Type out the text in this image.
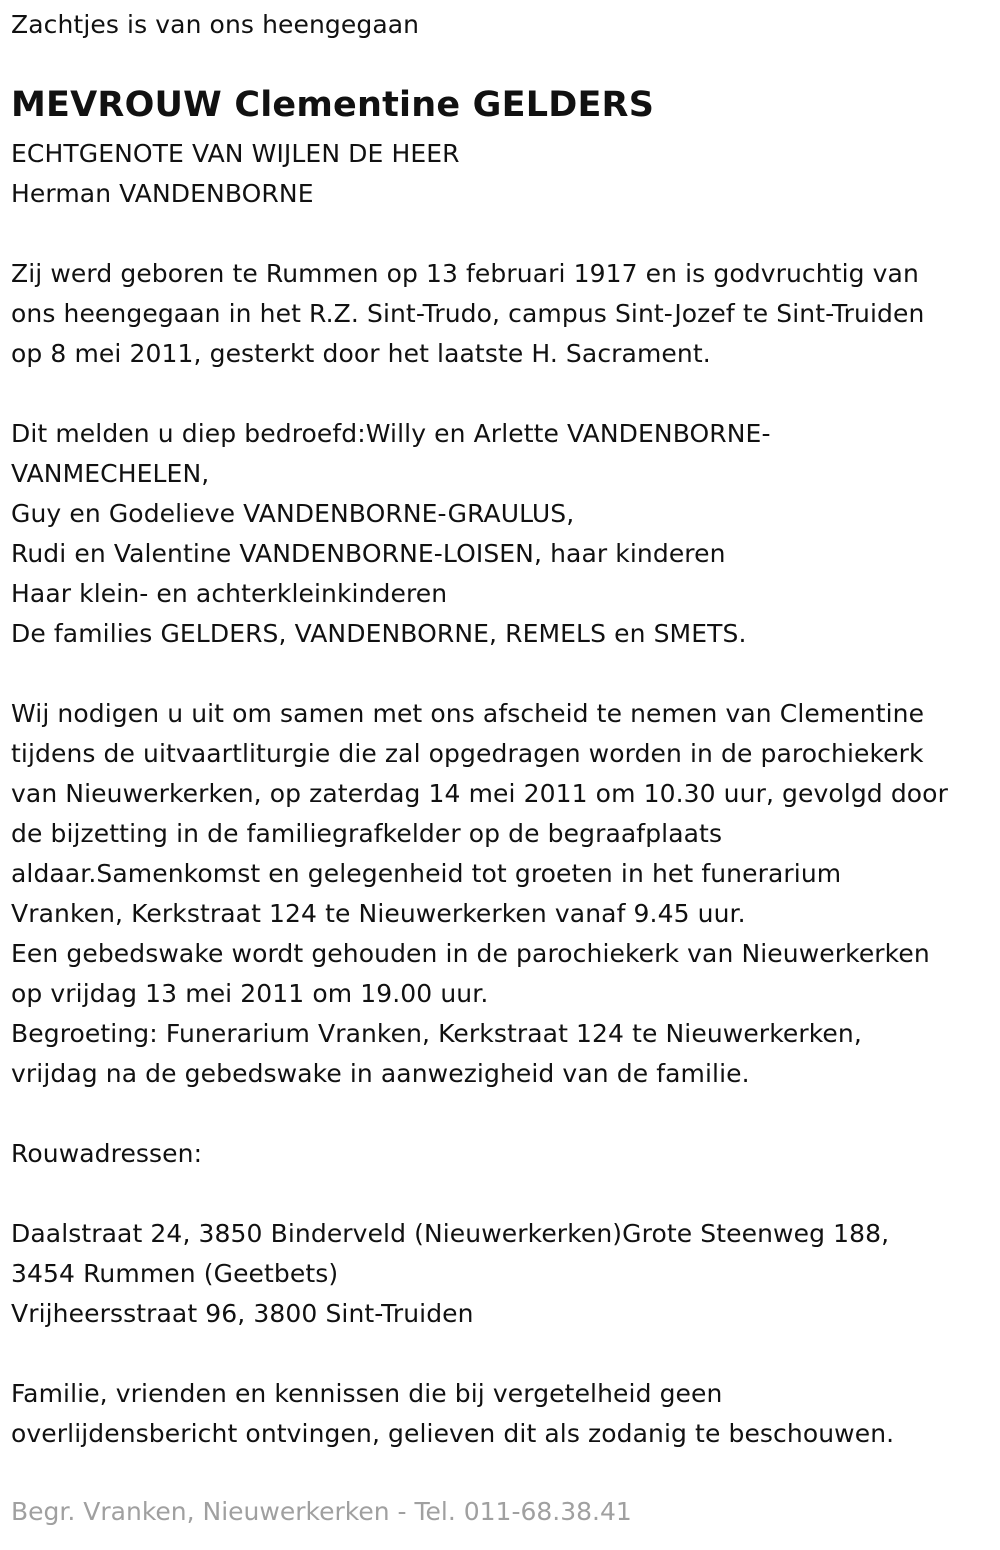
Zachtjes is van ons heengegaan
MEVROUW Clementine GELDERS
ECHTGENOTE VAN WIJLEN DE HEER
Herman VANDENBORNE
Zij werd geboren te Rummen op 13 februari 1917 en is godvruchtig van
ons heengegaan in het R.Z. Sint-Trudo, campus Sint-Jozef te Sint-Truiden
op 8 mei 2011, gesterkt door het laatste H. Sacrament.
Dit melden u diep bedroefd:Willy en Arlette VANDENBORNE-
VANMECHELEN,
Guy en Godelieve VANDENBORNE-GRAULUS,
Rudi en Valentine VANDENBORNE-LOISEN, haar kinderen
Haar klein- en achterkleinkinderen
De families GELDERS, VANDENBORNE, REMELS en SMETS.
Wij nodigen u uit om samen met ons afscheid te nemen van Clementine
tijdens de uitvaartliturgie die zal opgedragen worden in de parochiekerk
van Nieuwerkerken, op zaterdag 14 mei 2011 om 10.30 uur, gevolgd door
de bijzetting in de familiegrafkelder op de begraafplaats
aldaar.Samenkomst en gelegenheid tot groeten in het funerarium
Vranken, Kerkstraat 124 te Nieuwerkerken vanaf 9.45 uur.
Een gebedswake wordt gehouden in de parochiekerk van Nieuwerkerken
op vrijdag 13 mei 2011 om 19.00 uur.
Begroeting: Funerarium Vranken, Kerkstraat 124 te Nieuwerkerken,
vrijdag na de gebedswake in aanwezigheid van de familie.
Rouwadressen:
Daalstraat 24, 3850 Binderveld (Nieuwerkerken)Grote Steenweg 188,
3454 Rummen (Geetbets)
Vrijheersstraat 96, 3800 Sint-Truiden
Familie, vrienden en kennissen die bij vergetelheid geen
overlijdensbericht ontvingen, gelieven dit als zodanig te beschouwen.
Begr. Vranken, Nieuwerkerken - Tel. 011-68.38.41
